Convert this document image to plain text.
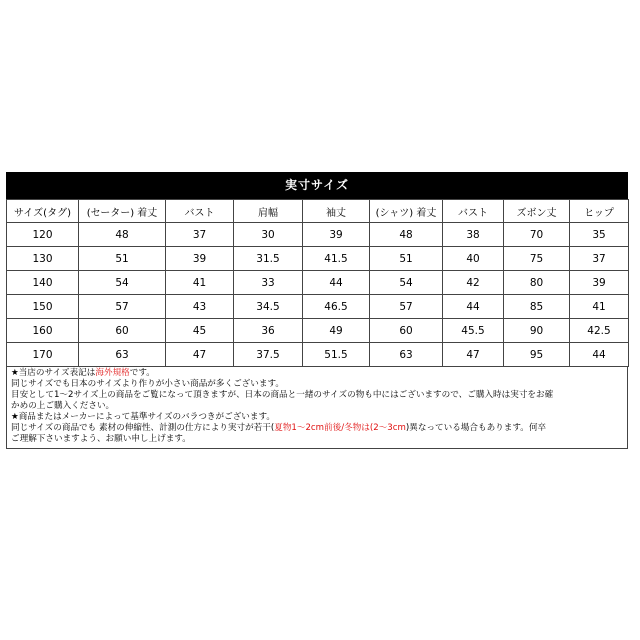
実寸サイズ
サイズ(タグ)	(セーター) 着丈	バスト	肩幅	袖丈	(シャツ) 着丈	バスト	ズボン丈	ヒップ
120	48	37	30	39	48	38	70	35
130	51	39	31.5	41.5	51	40	75	37
140	54	41	33	44	54	42	80	39
150	57	43	34.5	46.5	57	44	85	41
160	60	45	36	49	60	45.5	90	42.5
170	63	47	37.5	51.5	63	47	95	44
★当店のサイズ表記は海外規格です。
同じサイズでも日本のサイズより作りが小さい商品が多くございます。
目安として1～2サイズ上の商品をご覧になって頂きますが、日本の商品と一緒のサイズの物も中にはございますので、ご購入時は実寸をお確
かめの上ご購入ください。
★商品またはメーカーによって基準サイズのバラつきがございます。
同じサイズの商品でも 素材の伸縮性、計測の仕方により実寸が若干(夏物1～2cm前後/冬物は(2～3cm)異なっている場合もあります。何卒
ご理解下さいますよう、お願い申し上げます。
